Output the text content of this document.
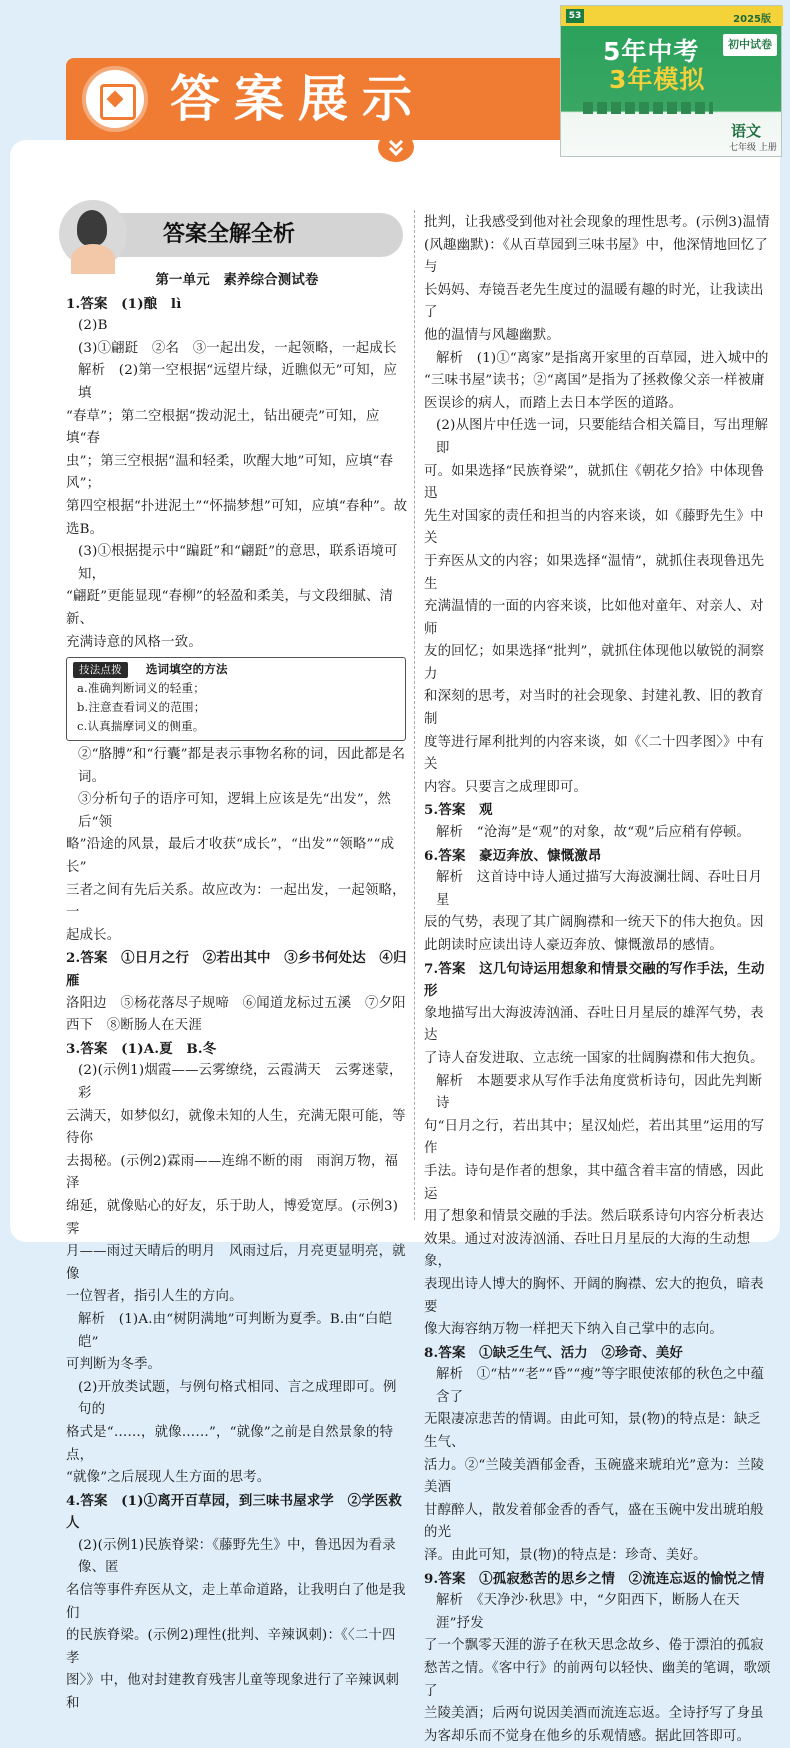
答案展示
53	2025版
5年中考
3年模拟
初中试卷
语文
七年级 上册
答案全解全析

第一单元　素养综合测试卷

1.答案　(1)酿　lì

(2)B

(3)①翩跹　②名　③一起出发，一起领略，一起成长

解析　(2)第一空根据“远望片绿，近瞧似无”可知，应填

“春草”；第二空根据“拨动泥土，钻出硬壳”可知，应填“春

虫”；第三空根据“温和轻柔，吹醒大地”可知，应填“春风”；

第四空根据“扑进泥土”“怀揣梦想”可知，应填“春种”。故

选B。

(3)①根据提示中“蹁跹”和“翩跹”的意思，联系语境可知，

“翩跹”更能显现“春柳”的轻盈和柔美，与文段细腻、清新、

充满诗意的风格一致。

技法点拨	选词填空的方法

a.准确判断词义的轻重；

b.注意查看词义的范围；

c.认真揣摩词义的侧重。

②“胳膊”和“行囊”都是表示事物名称的词，因此都是名词。

③分析句子的语序可知，逻辑上应该是先“出发”，然后“领

略”沿途的风景，最后才收获“成长”，“出发”“领略”“成长”

三者之间有先后关系。故应改为：一起出发，一起领略，一

起成长。

2.答案　①日月之行　②若出其中　③乡书何处达　④归雁

洛阳边　⑤杨花落尽子规啼　⑥闻道龙标过五溪　⑦夕阳

西下　⑧断肠人在天涯

3.答案　(1)A.夏　B.冬

(2)(示例1)烟霞——云雾缭绕，云霞满天　云雾迷蒙，彩

云满天，如梦似幻，就像未知的人生，充满无限可能，等待你

去揭秘。(示例2)霖雨——连绵不断的雨　雨润万物，福泽

绵延，就像贴心的好友，乐于助人，博爱宽厚。(示例3)霁

月——雨过天晴后的明月　风雨过后，月亮更显明亮，就像

一位智者，指引人生的方向。

解析　(1)A.由“树阴满地”可判断为夏季。B.由“白皑皑”

可判断为冬季。

(2)开放类试题，与例句格式相同、言之成理即可。例句的

格式是“……，就像……”，“就像”之前是自然景象的特点，

“就像”之后展现人生方面的思考。

4.答案　(1)①离开百草园，到三味书屋求学　②学医救人

(2)(示例1)民族脊梁：《藤野先生》中，鲁迅因为看录像、匿

名信等事件弃医从文，走上革命道路，让我明白了他是我们

的民族脊梁。(示例2)理性(批判、辛辣讽刺)：《〈二十四孝

图〉》中，他对封建教育残害儿童等现象进行了辛辣讽刺和

批判，让我感受到他对社会现象的理性思考。(示例3)温情

(风趣幽默)：《从百草园到三味书屋》中，他深情地回忆了与

长妈妈、寿镜吾老先生度过的温暖有趣的时光，让我读出了

他的温情与风趣幽默。

解析　(1)①“离家”是指离开家里的百草园，进入城中的

“三味书屋”读书；②“离国”是指为了拯救像父亲一样被庸

医误诊的病人，而踏上去日本学医的道路。

(2)从图片中任选一词，只要能结合相关篇目，写出理解即

可。如果选择“民族脊梁”，就抓住《朝花夕拾》中体现鲁迅

先生对国家的责任和担当的内容来谈，如《藤野先生》中关

于弃医从文的内容；如果选择“温情”，就抓住表现鲁迅先生

充满温情的一面的内容来谈，比如他对童年、对亲人、对师

友的回忆；如果选择“批判”，就抓住体现他以敏锐的洞察力

和深刻的思考，对当时的社会现象、封建礼教、旧的教育制

度等进行犀利批判的内容来谈，如《〈二十四孝图〉》中有关

内容。只要言之成理即可。

5.答案　观

解析　“沧海”是“观”的对象，故“观”后应稍有停顿。

6.答案　豪迈奔放、慷慨激昂

解析　这首诗中诗人通过描写大海波澜壮阔、吞吐日月星

辰的气势，表现了其广阔胸襟和一统天下的伟大抱负。因

此朗读时应读出诗人豪迈奔放、慷慨激昂的感情。

7.答案　这几句诗运用想象和情景交融的写作手法，生动形

象地描写出大海波涛汹涌、吞吐日月星辰的雄浑气势，表达

了诗人奋发进取、立志统一国家的壮阔胸襟和伟大抱负。

解析　本题要求从写作手法角度赏析诗句，因此先判断诗

句“日月之行，若出其中；星汉灿烂，若出其里”运用的写作

手法。诗句是作者的想象，其中蕴含着丰富的情感，因此运

用了想象和情景交融的手法。然后联系诗句内容分析表达

效果。通过对波涛汹涌、吞吐日月星辰的大海的生动想象，

表现出诗人博大的胸怀、开阔的胸襟、宏大的抱负，暗表要

像大海容纳万物一样把天下纳入自己掌中的志向。

8.答案　①缺乏生气、活力　②珍奇、美好

解析　①“枯”“老”“昏”“瘦”等字眼使浓郁的秋色之中蕴含了

无限凄凉悲苦的情调。由此可知，景(物)的特点是：缺乏生气、

活力。②“兰陵美酒郁金香，玉碗盛来琥珀光”意为：兰陵美酒

甘醇醉人，散发着郁金香的香气，盛在玉碗中发出琥珀般的光

泽。由此可知，景(物)的特点是：珍奇、美好。

9.答案　①孤寂愁苦的思乡之情　②流连忘返的愉悦之情

解析　《天净沙·秋思》中，“夕阳西下，断肠人在天涯”抒发

了一个飘零天涯的游子在秋天思念故乡、倦于漂泊的孤寂

愁苦之情。《客中行》的前两句以轻快、幽美的笔调，歌颂了

兰陵美酒；后两句说因美酒而流连忘返。全诗抒写了身虽

为客却乐而不觉身在他乡的乐观情感。据此回答即可。
